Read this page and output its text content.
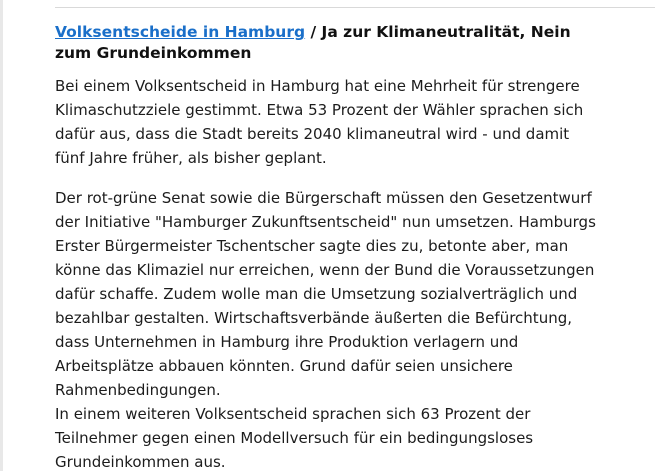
Volksentscheide in Hamburg / Ja zur Klimaneutralität, Nein zum Grundeinkommen

Bei einem Volksentscheid in Hamburg hat eine Mehrheit für strengere Klimaschutzziele gestimmt. Etwa 53 Prozent der Wähler sprachen sich dafür aus, dass die Stadt bereits 2040 klimaneutral wird - und damit fünf Jahre früher, als bisher geplant.

Der rot-grüne Senat sowie die Bürgerschaft müssen den Gesetzentwurf der Initiative "Hamburger Zukunftsentscheid" nun umsetzen. Hamburgs Erster Bürgermeister Tschentscher sagte dies zu, betonte aber, man könne das Klimaziel nur erreichen, wenn der Bund die Voraussetzungen dafür schaffe. Zudem wolle man die Umsetzung sozialverträglich und bezahlbar gestalten. Wirtschaftsverbände äußerten die Befürchtung, dass Unternehmen in Hamburg ihre Produktion verlagern und Arbeitsplätze abbauen könnten. Grund dafür seien unsichere Rahmenbedingungen.

In einem weiteren Volksentscheid sprachen sich 63 Prozent der Teilnehmer gegen einen Modellversuch für ein bedingungsloses Grundeinkommen aus.
